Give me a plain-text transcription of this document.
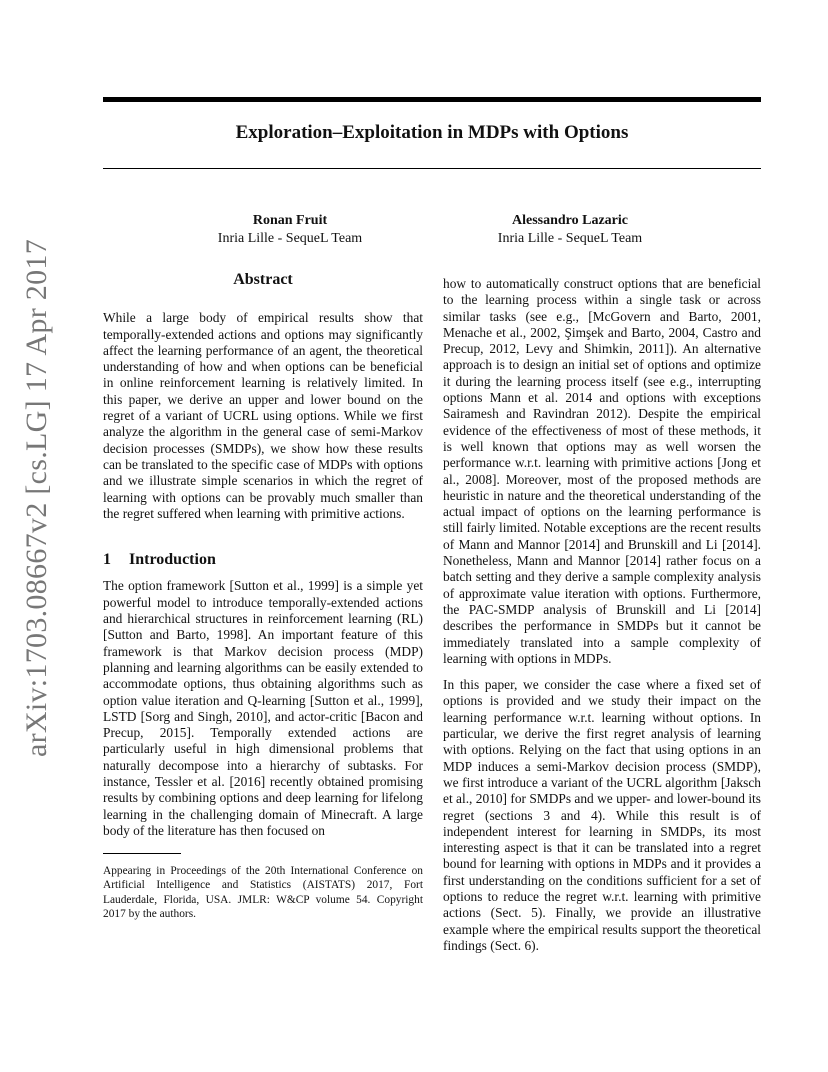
Exploration–Exploitation in MDPs with Options
Ronan Fruit
Inria Lille - SequeL Team
Alessandro Lazaric
Inria Lille - SequeL Team
arXiv:1703.08667v2 [cs.LG] 17 Apr 2017	Abstract

While a large body of empirical results show that temporally-extended actions and options may significantly affect the learning performance of an agent, the theoretical understanding of how and when options can be beneficial in online reinforcement learning is relatively limited. In this paper, we derive an upper and lower bound on the regret of a variant of UCRL using options. While we first analyze the algorithm in the general case of semi-Markov decision processes (SMDPs), we show how these results can be translated to the specific case of MDPs with options and we illustrate simple scenarios in which the regret of learning with options can be provably much smaller than the regret suffered when learning with primitive actions.

1 Introduction

The option framework [Sutton et al., 1999] is a simple yet powerful model to introduce temporally-extended actions and hierarchical structures in reinforcement learning (RL) [Sutton and Barto, 1998]. An important feature of this framework is that Markov decision process (MDP) planning and learning algorithms can be easily extended to accommodate options, thus obtaining algorithms such as option value iteration and Q-learning [Sutton et al., 1999], LSTD [Sorg and Singh, 2010], and actor-critic [Bacon and Precup, 2015]. Temporally extended actions are particularly useful in high dimensional problems that naturally decompose into a hierarchy of subtasks. For instance, Tessler et al. [2016] recently obtained promising results by combining options and deep learning for lifelong learning in the challenging domain of Minecraft. A large body of the literature has then focused on

Appearing in Proceedings of the 20th International Conference on Artificial Intelligence and Statistics (AISTATS) 2017, Fort Lauderdale, Florida, USA. JMLR: W&CP volume 54. Copyright 2017 by the authors.

how to automatically construct options that are beneficial to the learning process within a single task or across similar tasks (see e.g., [McGovern and Barto, 2001, Menache et al., 2002, Şimşek and Barto, 2004, Castro and Precup, 2012, Levy and Shimkin, 2011]). An alternative approach is to design an initial set of options and optimize it during the learning process itself (see e.g., interrupting options Mann et al. 2014 and options with exceptions Sairamesh and Ravindran 2012). Despite the empirical evidence of the effectiveness of most of these methods, it is well known that options may as well worsen the performance w.r.t. learning with primitive actions [Jong et al., 2008]. Moreover, most of the proposed methods are heuristic in nature and the theoretical understanding of the actual impact of options on the learning performance is still fairly limited. Notable exceptions are the recent results of Mann and Mannor [2014] and Brunskill and Li [2014]. Nonetheless, Mann and Mannor [2014] rather focus on a batch setting and they derive a sample complexity analysis of approximate value iteration with options. Furthermore, the PAC-SMDP analysis of Brunskill and Li [2014] describes the performance in SMDPs but it cannot be immediately translated into a sample complexity of learning with options in MDPs.

In this paper, we consider the case where a fixed set of options is provided and we study their impact on the learning performance w.r.t. learning without options. In particular, we derive the first regret analysis of learning with options. Relying on the fact that using options in an MDP induces a semi-Markov decision process (SMDP), we first introduce a variant of the UCRL algorithm [Jaksch et al., 2010] for SMDPs and we upper- and lower-bound its regret (sections 3 and 4). While this result is of independent interest for learning in SMDPs, its most interesting aspect is that it can be translated into a regret bound for learning with options in MDPs and it provides a first understanding on the conditions sufficient for a set of options to reduce the regret w.r.t. learning with primitive actions (Sect. 5). Finally, we provide an illustrative example where the empirical results support the theoretical findings (Sect. 6).
